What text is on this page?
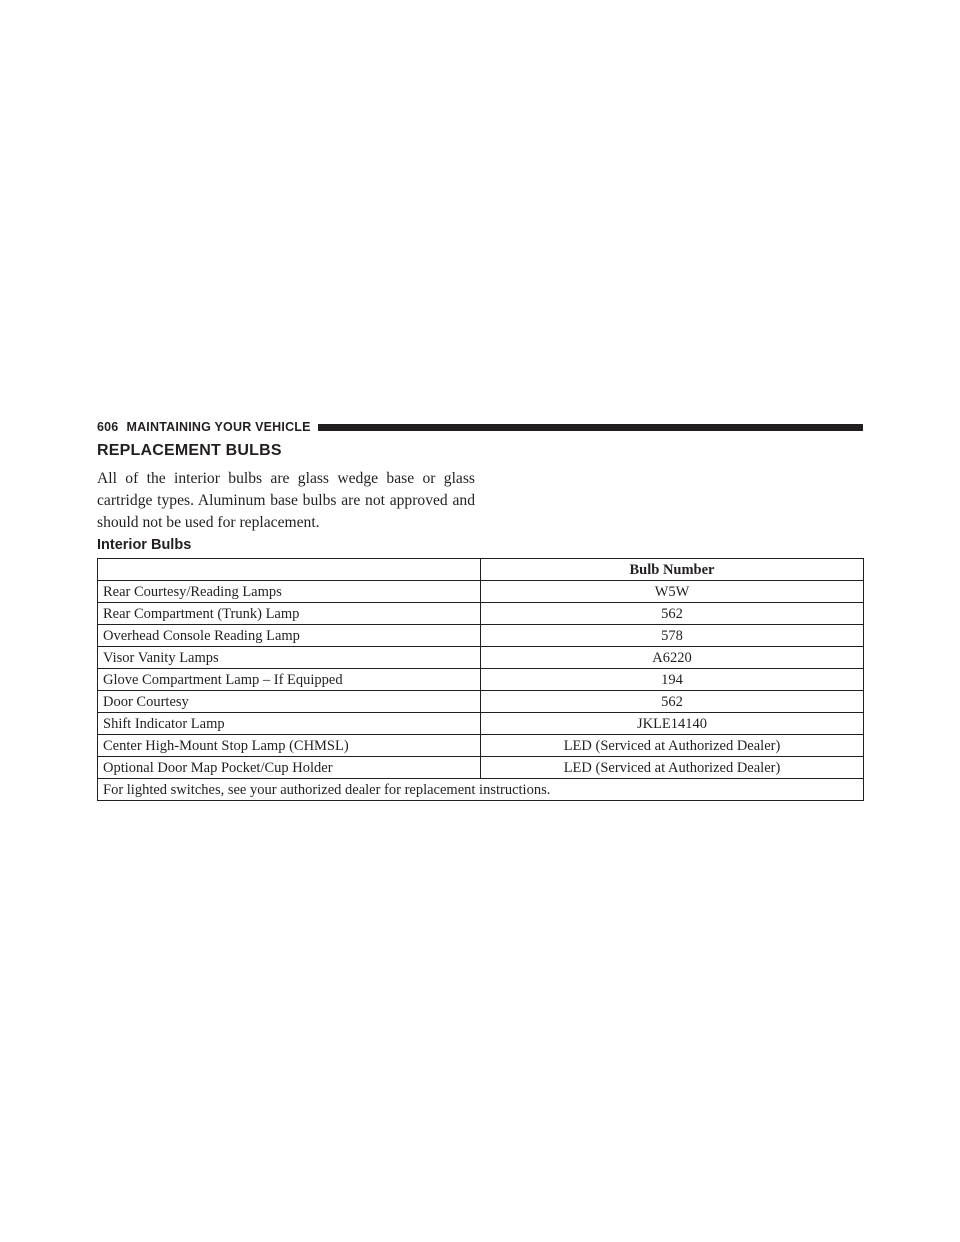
606 MAINTAINING YOUR VEHICLE
REPLACEMENT BULBS

All of the interior bulbs are glass wedge base or glass cartridge types. Aluminum base bulbs are not approved and should not be used for replacement.

Interior Bulbs
	Bulb Number
Rear Courtesy/Reading Lamps	W5W
Rear Compartment (Trunk) Lamp	562
Overhead Console Reading Lamp	578
Visor Vanity Lamps	A6220
Glove Compartment Lamp – If Equipped	194
Door Courtesy	562
Shift Indicator Lamp	JKLE14140
Center High-Mount Stop Lamp (CHMSL)	LED (Serviced at Authorized Dealer)
Optional Door Map Pocket/Cup Holder	LED (Serviced at Authorized Dealer)
For lighted switches, see your authorized dealer for replacement instructions.	
